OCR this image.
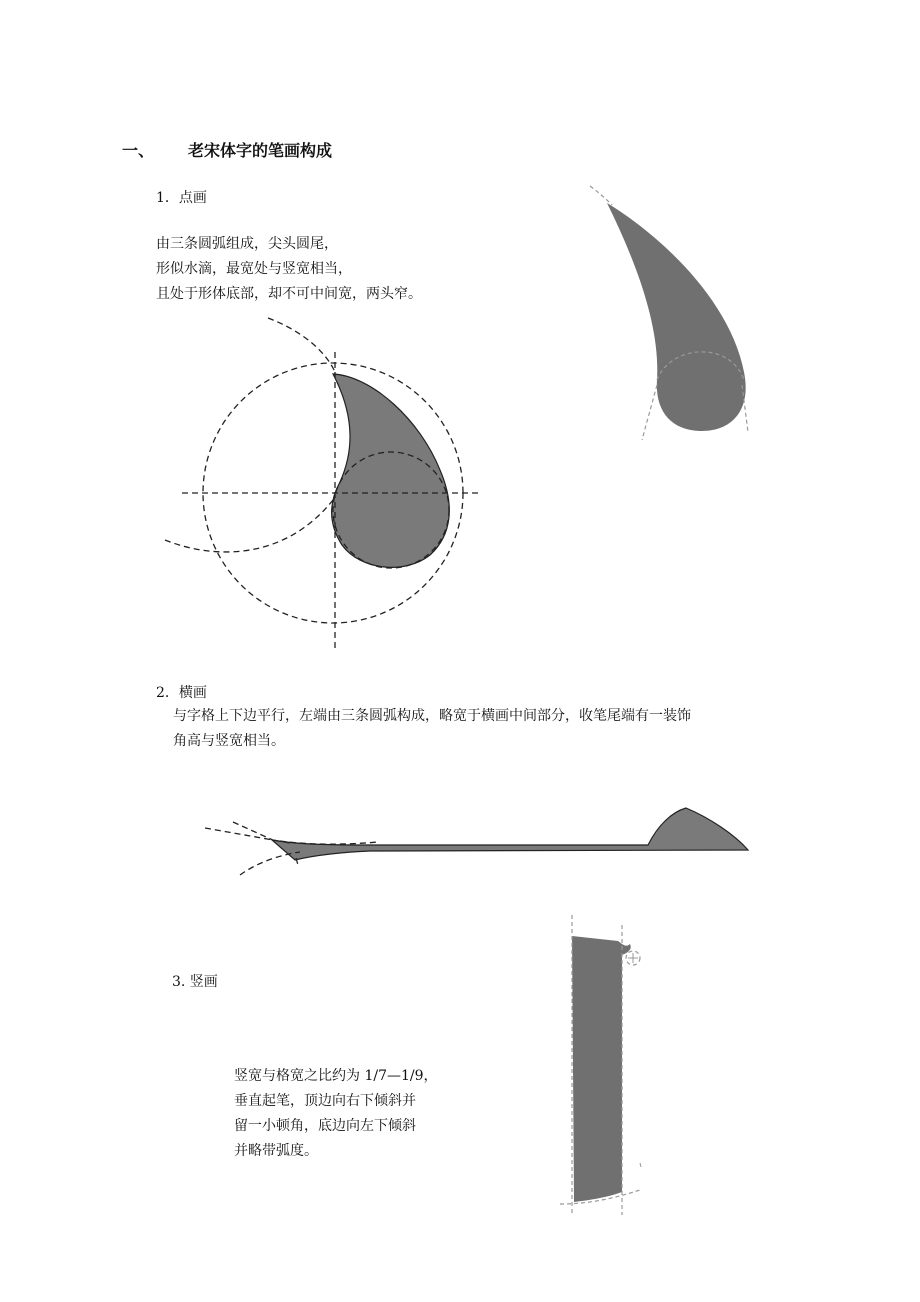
一、 老宋体字的笔画构成
1．点画
由三条圆弧组成，尖头圆尾，
形似水滴，最宽处与竖宽相当，
且处于形体底部，却不可中间宽，两头窄。
2．横画
与字格上下边平行，左端由三条圆弧构成，略宽于横画中间部分，收笔尾端有一装饰
角高与竖宽相当。
3. 竖画
竖宽与格宽之比约为 1/7—1/9，
垂直起笔，顶边向右下倾斜并
留一小顿角，底边向左下倾斜
并略带弧度。
